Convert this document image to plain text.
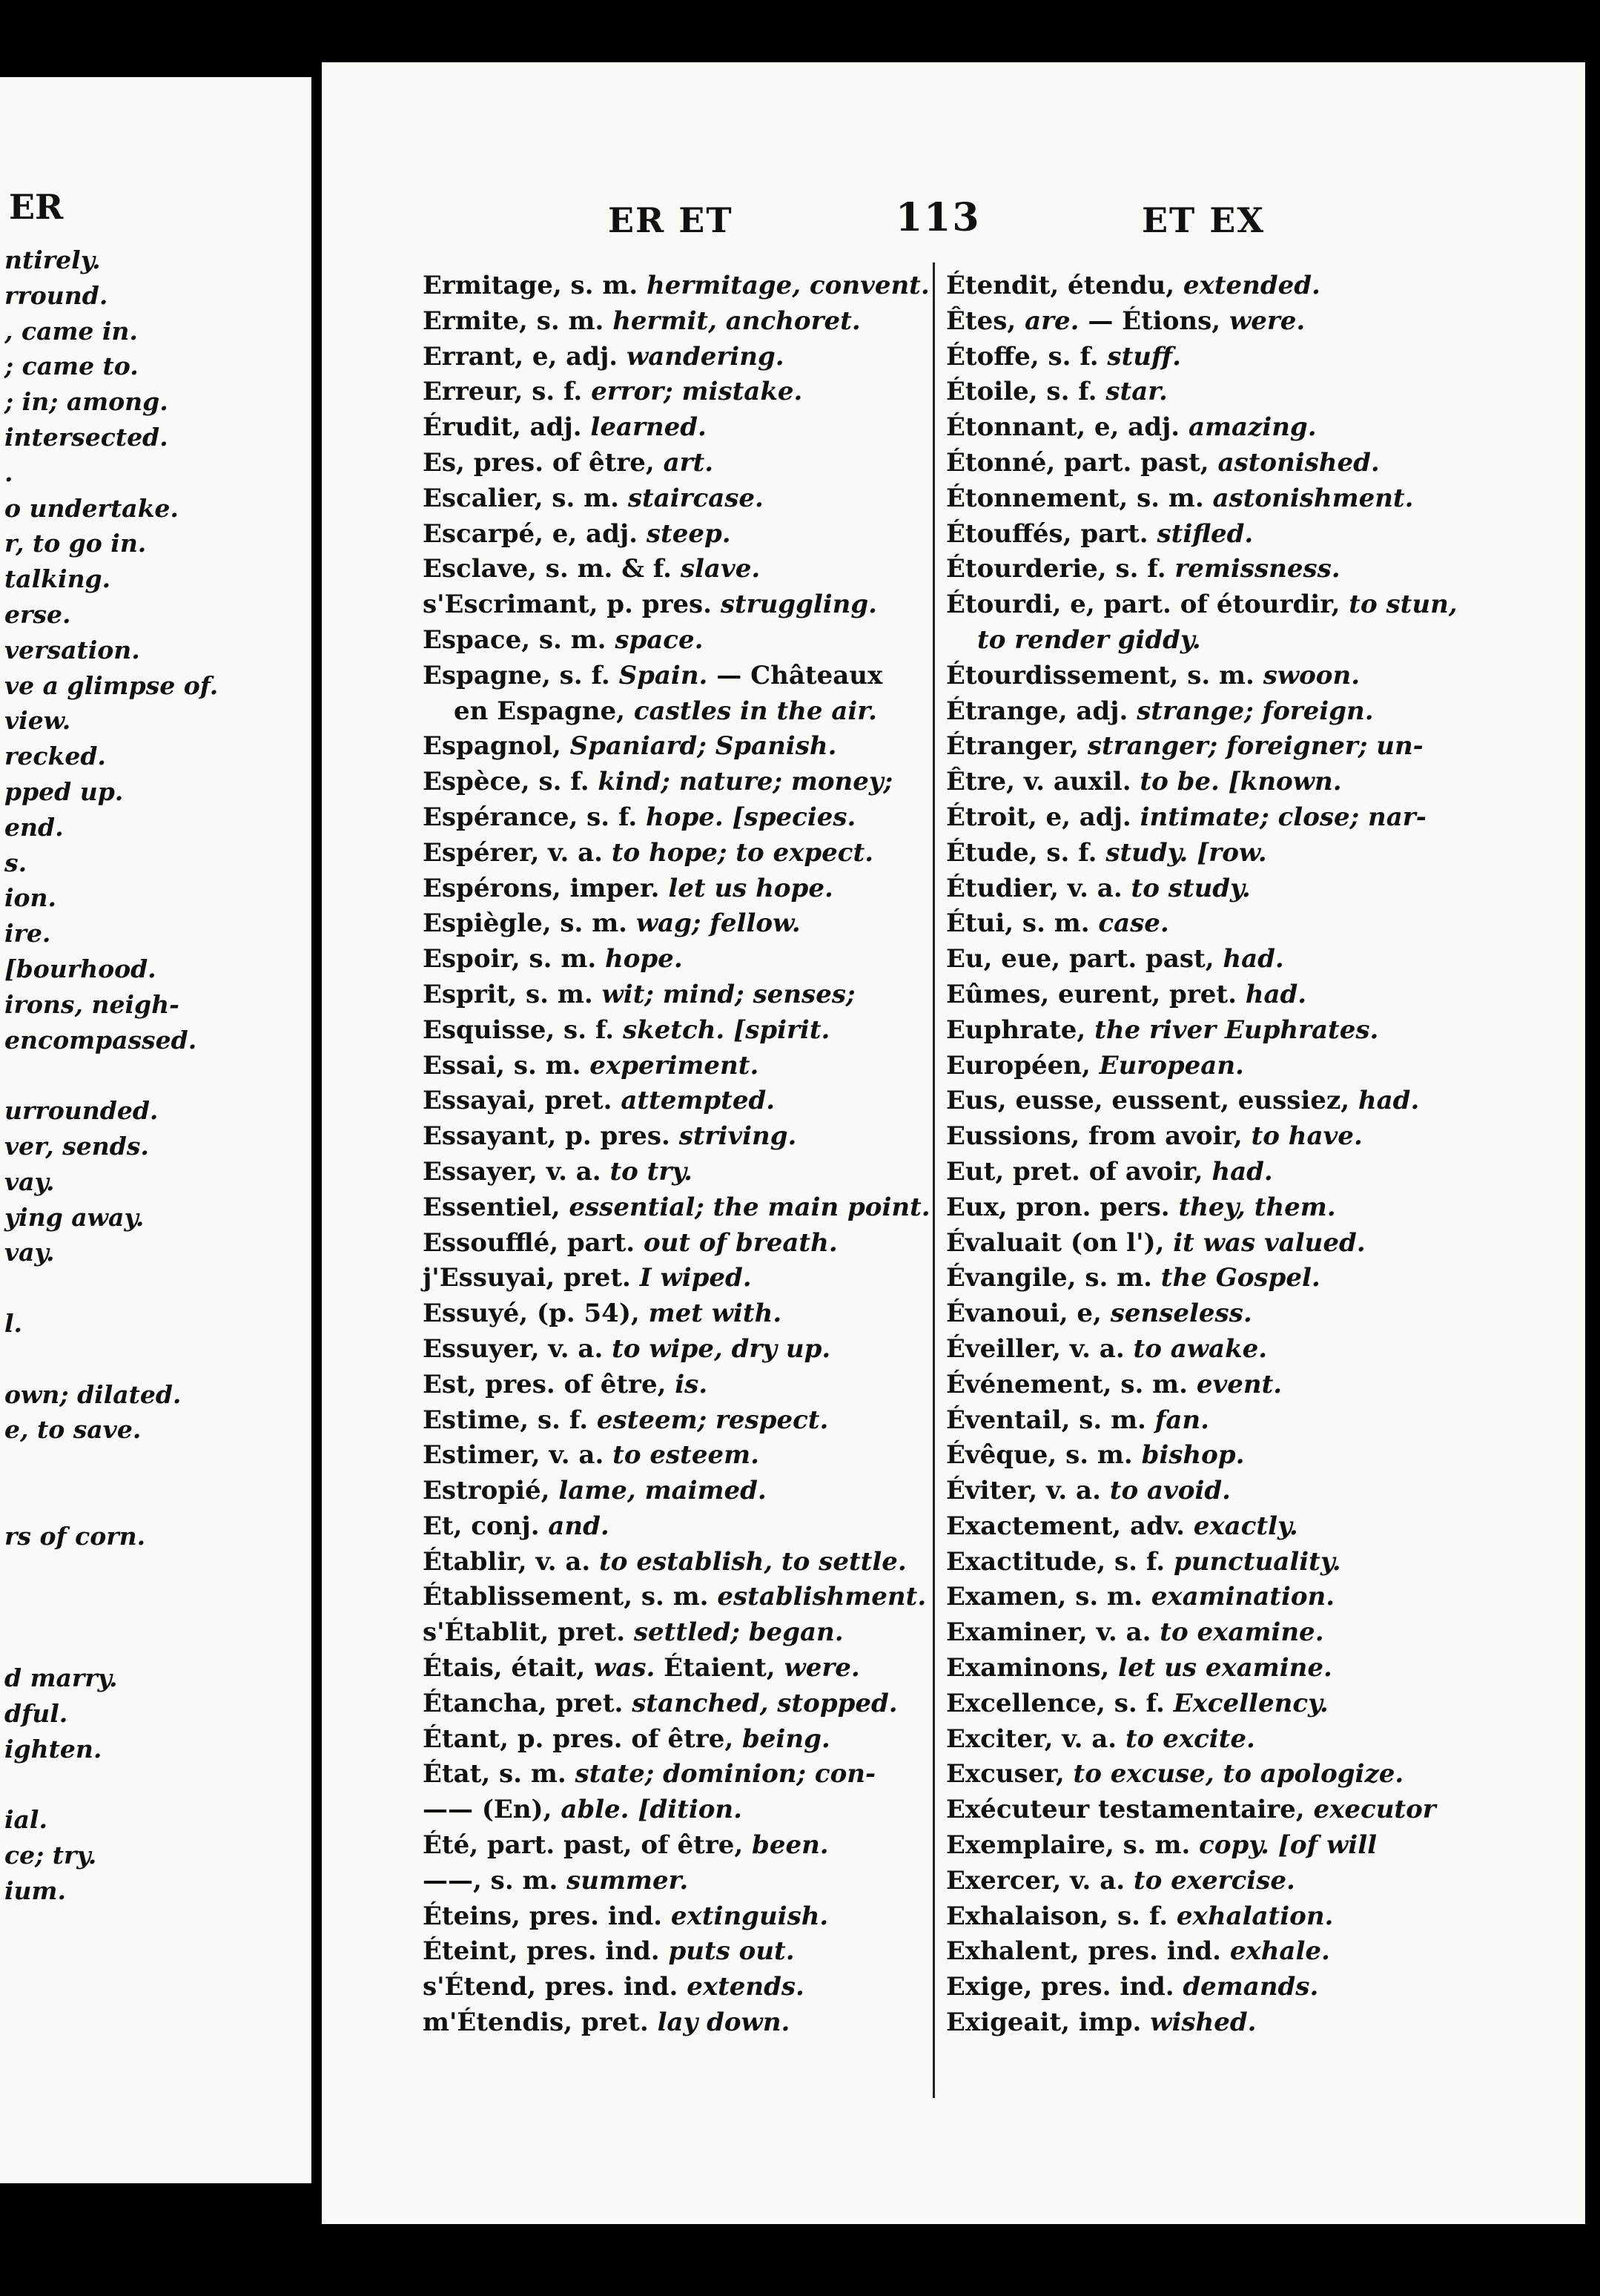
ER
ntirely.
rround.
, came in.
; came to.
; in; among.
intersected.
.
o undertake.
r, to go in.
talking.
erse.
versation.
ve a glimpse of.
view.
recked.
pped up.
end.
s.
ion.
ire.
[bourhood.
irons, neigh-
encompassed.
urrounded.
ver, sends.
vay.
ying away.
vay.
l.
own; dilated.
e, to save.
rs of corn.
d marry.
dful.
ighten.
ial.
ce; try.
ium.
ER ET	113	ET EX
Ermitage, s. m. hermitage, convent.
Ermite, s. m. hermit, anchoret.
Errant, e, adj. wandering.
Erreur, s. f. error; mistake.
Érudit, adj. learned.
Es, pres. of être, art.
Escalier, s. m. staircase.
Escarpé, e, adj. steep.
Esclave, s. m. & f. slave.
s'Escrimant, p. pres. struggling.
Espace, s. m. space.
Espagne, s. f. Spain. — Châteaux
en Espagne, castles in the air.
Espagnol, Spaniard; Spanish.
Espèce, s. f. kind; nature; money;
Espérance, s. f. hope. [species.
Espérer, v. a. to hope; to expect.
Espérons, imper. let us hope.
Espiègle, s. m. wag; fellow.
Espoir, s. m. hope.
Esprit, s. m. wit; mind; senses;
Esquisse, s. f. sketch. [spirit.
Essai, s. m. experiment.
Essayai, pret. attempted.
Essayant, p. pres. striving.
Essayer, v. a. to try.
Essentiel, essential; the main point.
Essoufflé, part. out of breath.
j'Essuyai, pret. I wiped.
Essuyé, (p. 54), met with.
Essuyer, v. a. to wipe, dry up.
Est, pres. of être, is.
Estime, s. f. esteem; respect.
Estimer, v. a. to esteem.
Estropié, lame, maimed.
Et, conj. and.
Établir, v. a. to establish, to settle.
Établissement, s. m. establishment.
s'Établit, pret. settled; began.
Étais, était, was. Étaient, were.
Étancha, pret. stanched, stopped.
Étant, p. pres. of être, being.
État, s. m. state; dominion; con-
—— (En), able. [dition.
Été, part. past, of être, been.
——, s. m. summer.
Éteins, pres. ind. extinguish.
Éteint, pres. ind. puts out.
s'Étend, pres. ind. extends.
m'Étendis, pret. lay down.
Étendit, étendu, extended.
Êtes, are. — Étions, were.
Étoffe, s. f. stuff.
Étoile, s. f. star.
Étonnant, e, adj. amazing.
Étonné, part. past, astonished.
Étonnement, s. m. astonishment.
Étouffés, part. stifled.
Étourderie, s. f. remissness.
Étourdi, e, part. of étourdir, to stun,
to render giddy.
Étourdissement, s. m. swoon.
Étrange, adj. strange; foreign.
Étranger, stranger; foreigner; un-
Être, v. auxil. to be. [known.
Étroit, e, adj. intimate; close; nar-
Étude, s. f. study. [row.
Étudier, v. a. to study.
Étui, s. m. case.
Eu, eue, part. past, had.
Eûmes, eurent, pret. had.
Euphrate, the river Euphrates.
Européen, European.
Eus, eusse, eussent, eussiez, had.
Eussions, from avoir, to have.
Eut, pret. of avoir, had.
Eux, pron. pers. they, them.
Évaluait (on l'), it was valued.
Évangile, s. m. the Gospel.
Évanoui, e, senseless.
Éveiller, v. a. to awake.
Événement, s. m. event.
Éventail, s. m. fan.
Évêque, s. m. bishop.
Éviter, v. a. to avoid.
Exactement, adv. exactly.
Exactitude, s. f. punctuality.
Examen, s. m. examination.
Examiner, v. a. to examine.
Examinons, let us examine.
Excellence, s. f. Excellency.
Exciter, v. a. to excite.
Excuser, to excuse, to apologize.
Exécuteur testamentaire, executor
Exemplaire, s. m. copy. [of will
Exercer, v. a. to exercise.
Exhalaison, s. f. exhalation.
Exhalent, pres. ind. exhale.
Exige, pres. ind. demands.
Exigeait, imp. wished.
